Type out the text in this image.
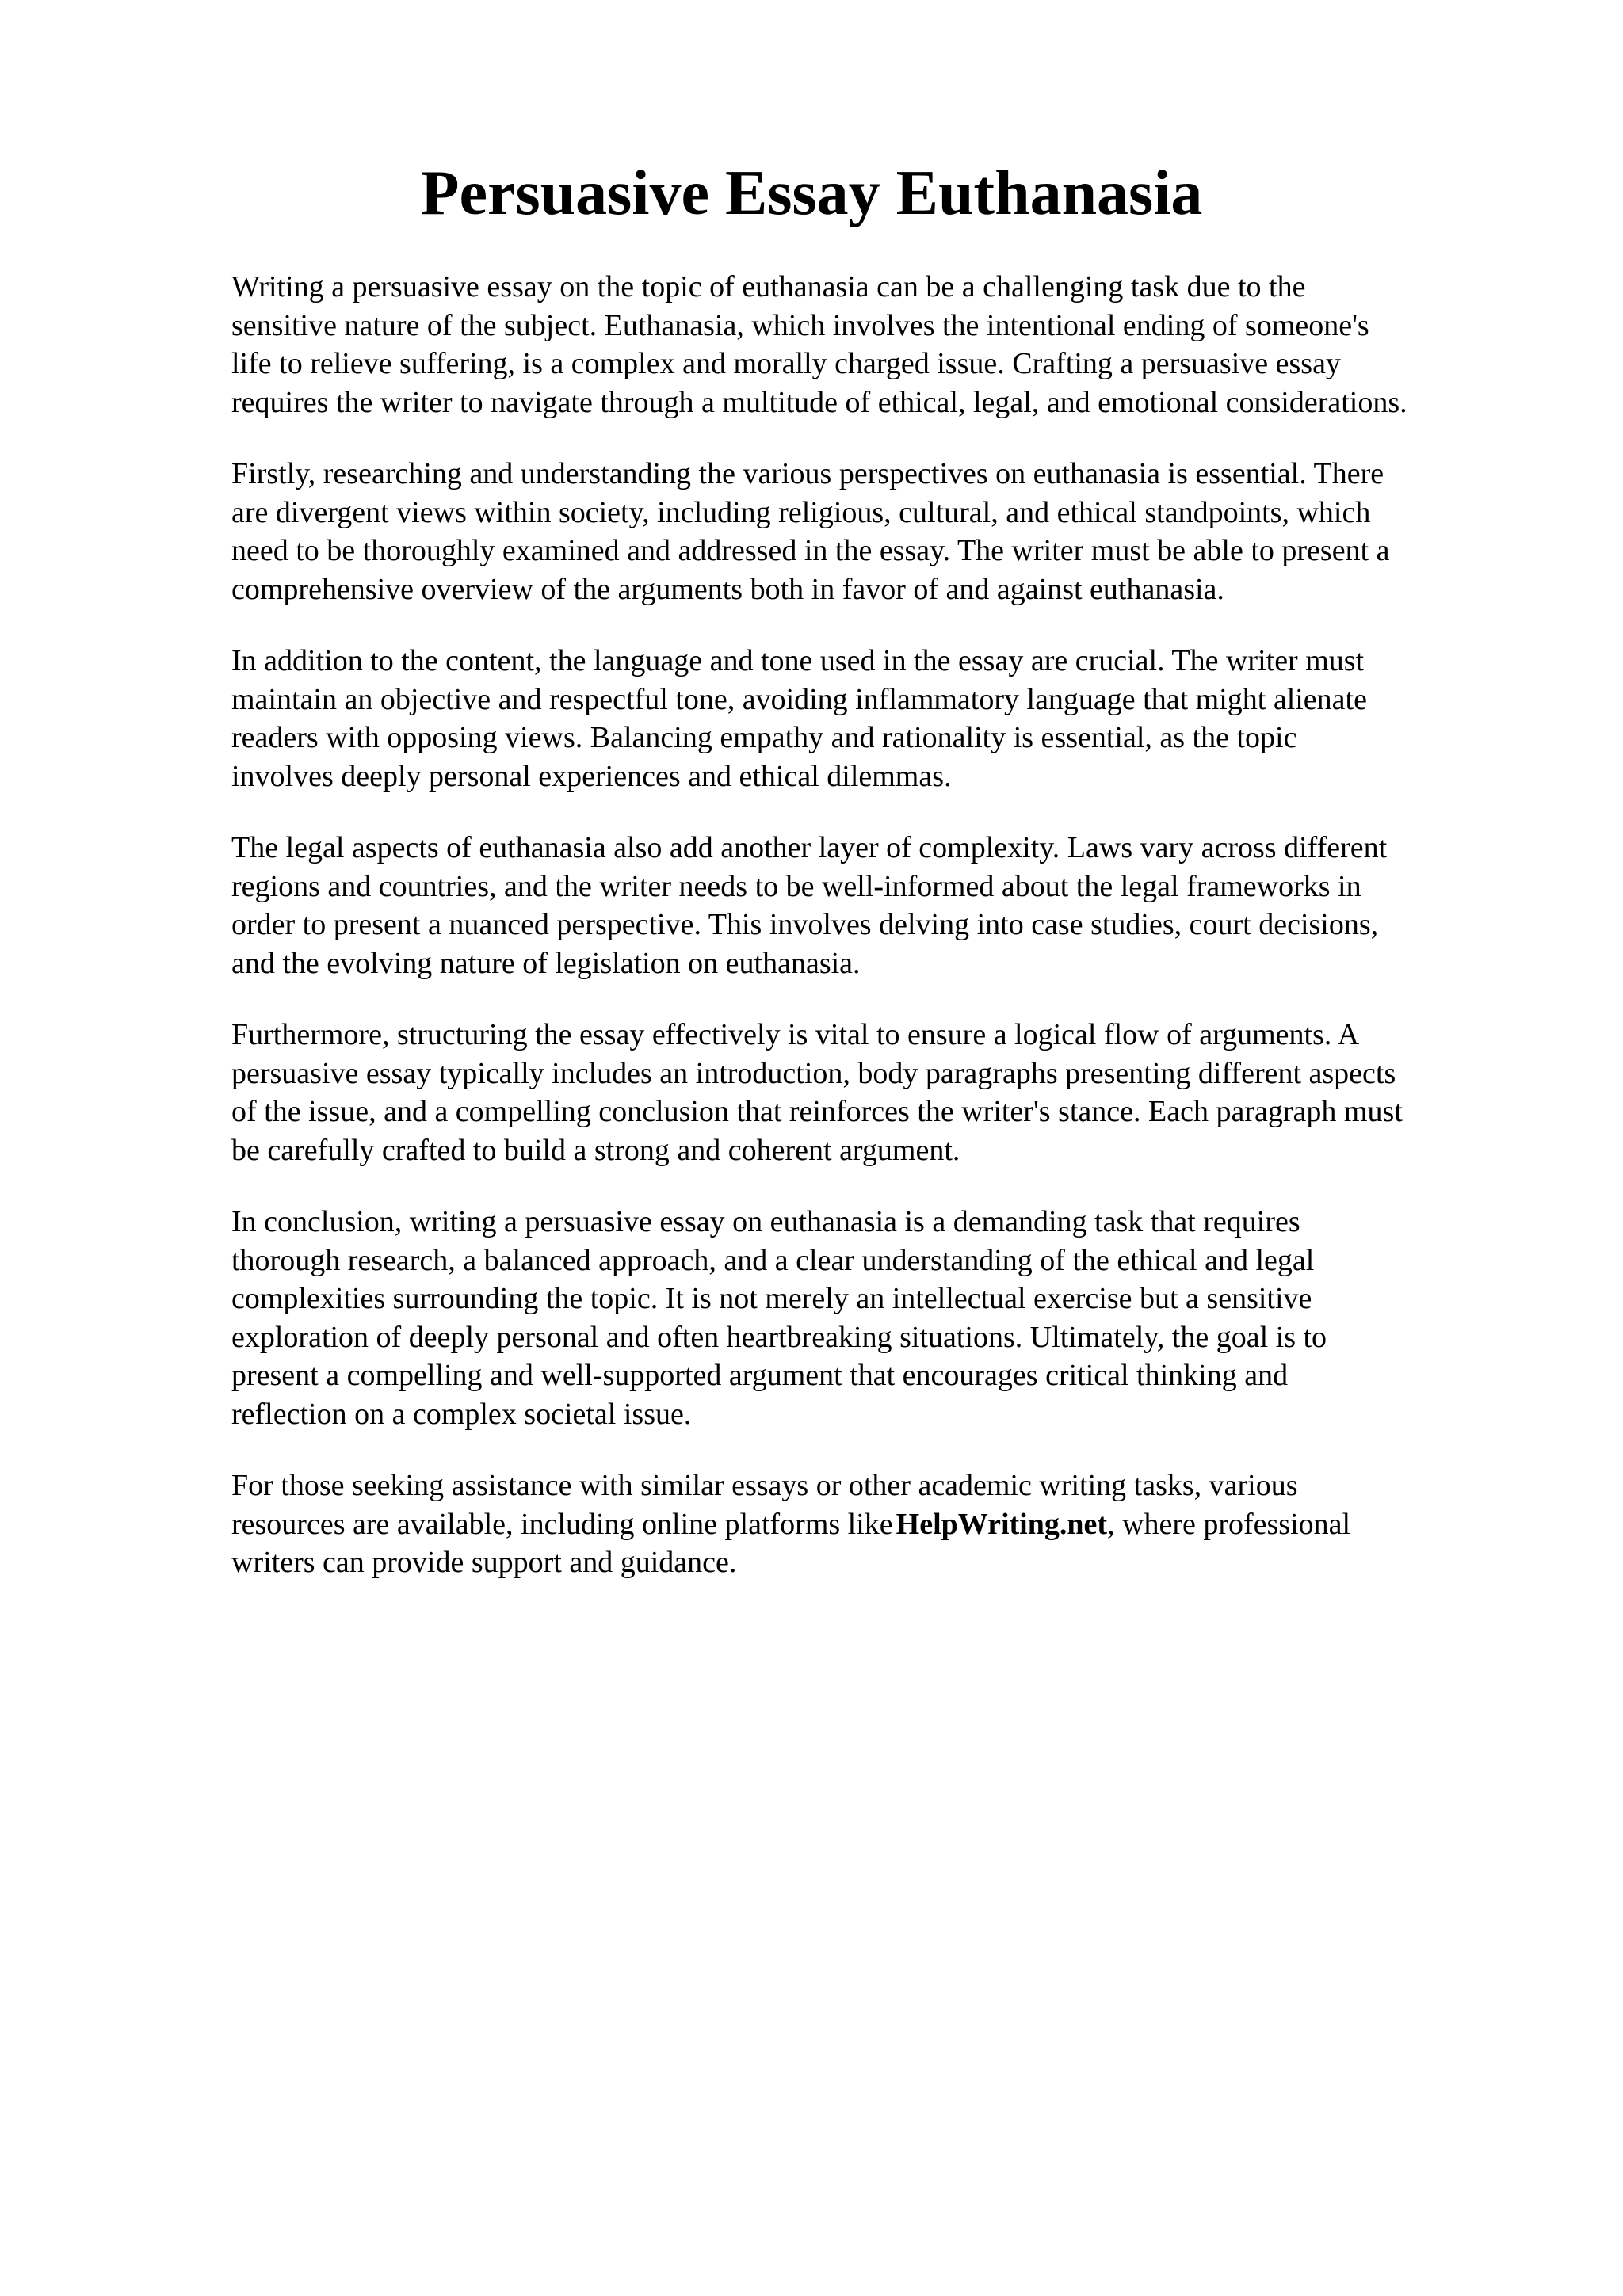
Persuasive Essay Euthanasia

Writing a persuasive essay on the topic of euthanasia can be a challenging task due to the
sensitive nature of the subject. Euthanasia, which involves the intentional ending of someone's
life to relieve suffering, is a complex and morally charged issue. Crafting a persuasive essay
requires the writer to navigate through a multitude of ethical, legal, and emotional considerations.

Firstly, researching and understanding the various perspectives on euthanasia is essential. There
are divergent views within society, including religious, cultural, and ethical standpoints, which
need to be thoroughly examined and addressed in the essay. The writer must be able to present a
comprehensive overview of the arguments both in favor of and against euthanasia.

In addition to the content, the language and tone used in the essay are crucial. The writer must
maintain an objective and respectful tone, avoiding inflammatory language that might alienate
readers with opposing views. Balancing empathy and rationality is essential, as the topic
involves deeply personal experiences and ethical dilemmas.

The legal aspects of euthanasia also add another layer of complexity. Laws vary across different
regions and countries, and the writer needs to be well-informed about the legal frameworks in
order to present a nuanced perspective. This involves delving into case studies, court decisions,
and the evolving nature of legislation on euthanasia.

Furthermore, structuring the essay effectively is vital to ensure a logical flow of arguments. A
persuasive essay typically includes an introduction, body paragraphs presenting different aspects
of the issue, and a compelling conclusion that reinforces the writer's stance. Each paragraph must
be carefully crafted to build a strong and coherent argument.

In conclusion, writing a persuasive essay on euthanasia is a demanding task that requires
thorough research, a balanced approach, and a clear understanding of the ethical and legal
complexities surrounding the topic. It is not merely an intellectual exercise but a sensitive
exploration of deeply personal and often heartbreaking situations. Ultimately, the goal is to
present a compelling and well-supported argument that encourages critical thinking and
reflection on a complex societal issue.

For those seeking assistance with similar essays or other academic writing tasks, various
resources are available, including online platforms like HelpWriting.net, where professional
writers can provide support and guidance.
